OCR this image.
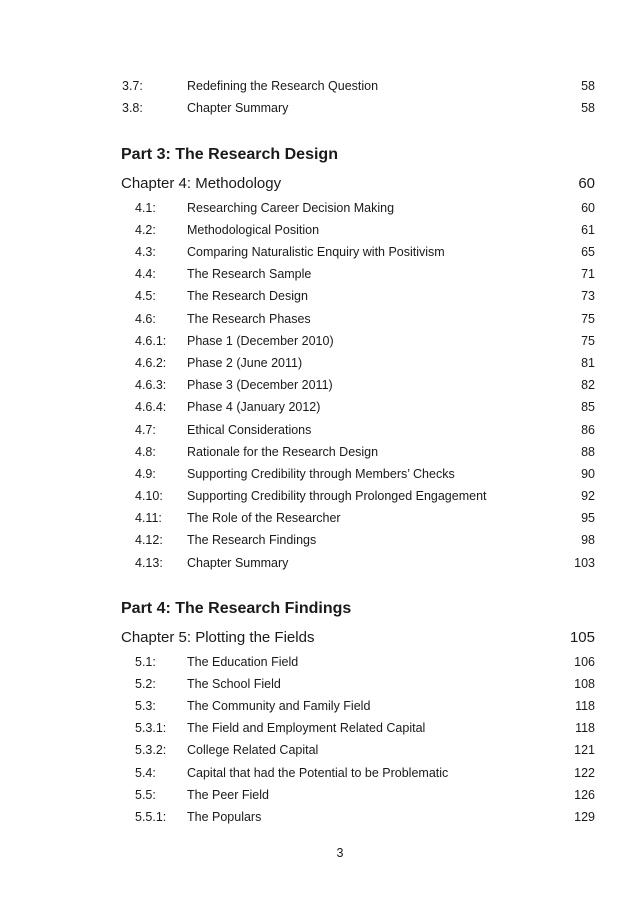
3.7:	Redefining the Research Question	58
3.8:	Chapter Summary	58
Part 3: The Research Design
Chapter 4: Methodology	60
4.1: Researching Career Decision Making	60
4.2: Methodological Position	61
4.3: Comparing Naturalistic Enquiry with Positivism	65
4.4: The Research Sample	71
4.5: The Research Design	73
4.6: The Research Phases	75
4.6.1: Phase 1 (December 2010)	75
4.6.2: Phase 2 (June 2011)	81
4.6.3: Phase 3 (December 2011)	82
4.6.4: Phase 4 (January 2012)	85
4.7: Ethical Considerations	86
4.8: Rationale for the Research Design	88
4.9: Supporting Credibility through Members’ Checks	90
4.10: Supporting Credibility through Prolonged Engagement	92
4.11: The Role of the Researcher	95
4.12: The Research Findings	98
4.13: Chapter Summary	103
Part 4: The Research Findings
Chapter 5: Plotting the Fields	105
5.1: The Education Field	106
5.2: The School Field	108
5.3: The Community and Family Field	118
5.3.1: The Field and Employment Related Capital	118
5.3.2: College Related Capital	121
5.4: Capital that had the Potential to be Problematic	122
5.5: The Peer Field	126
5.5.1: The Populars	129
3
